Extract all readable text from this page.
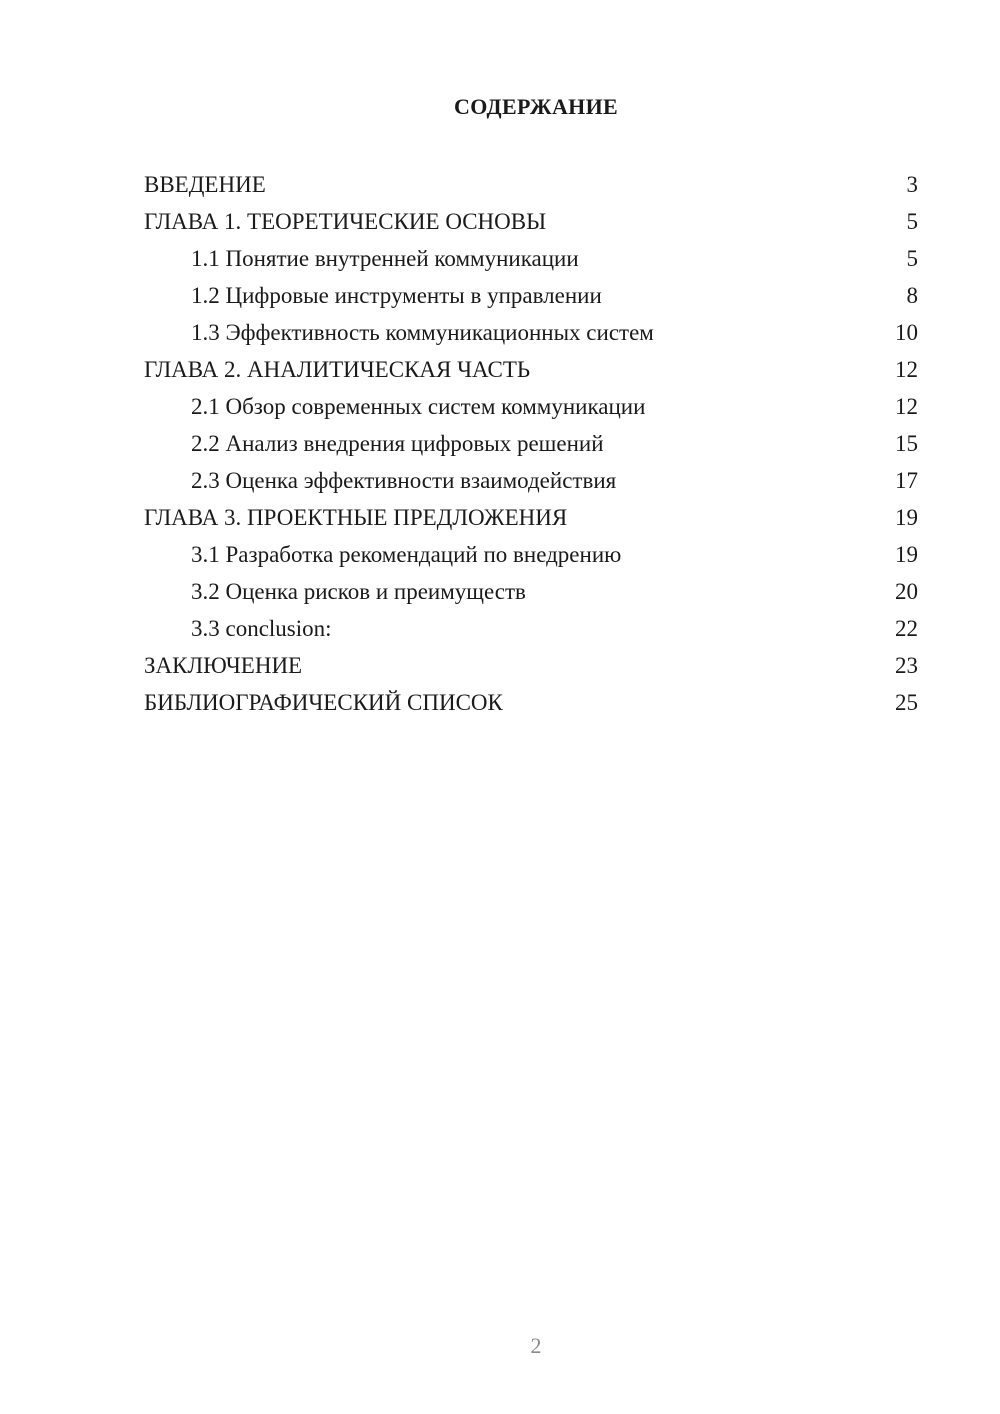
СОДЕРЖАНИЕ
ВВЕДЕНИЕ	3
ГЛАВА 1. ТЕОРЕТИЧЕСКИЕ ОСНОВЫ	5
1.1 Понятие внутренней коммуникации	5
1.2 Цифровые инструменты в управлении	8
1.3 Эффективность коммуникационных систем	10
ГЛАВА 2. АНАЛИТИЧЕСКАЯ ЧАСТЬ	12
2.1 Обзор современных систем коммуникации	12
2.2 Анализ внедрения цифровых решений	15
2.3 Оценка эффективности взаимодействия	17
ГЛАВА 3. ПРОЕКТНЫЕ ПРЕДЛОЖЕНИЯ	19
3.1 Разработка рекомендаций по внедрению	19
3.2 Оценка рисков и преимуществ	20
3.3 conclusion:	22
ЗАКЛЮЧЕНИЕ	23
БИБЛИОГРАФИЧЕСКИЙ СПИСОК	25
2
